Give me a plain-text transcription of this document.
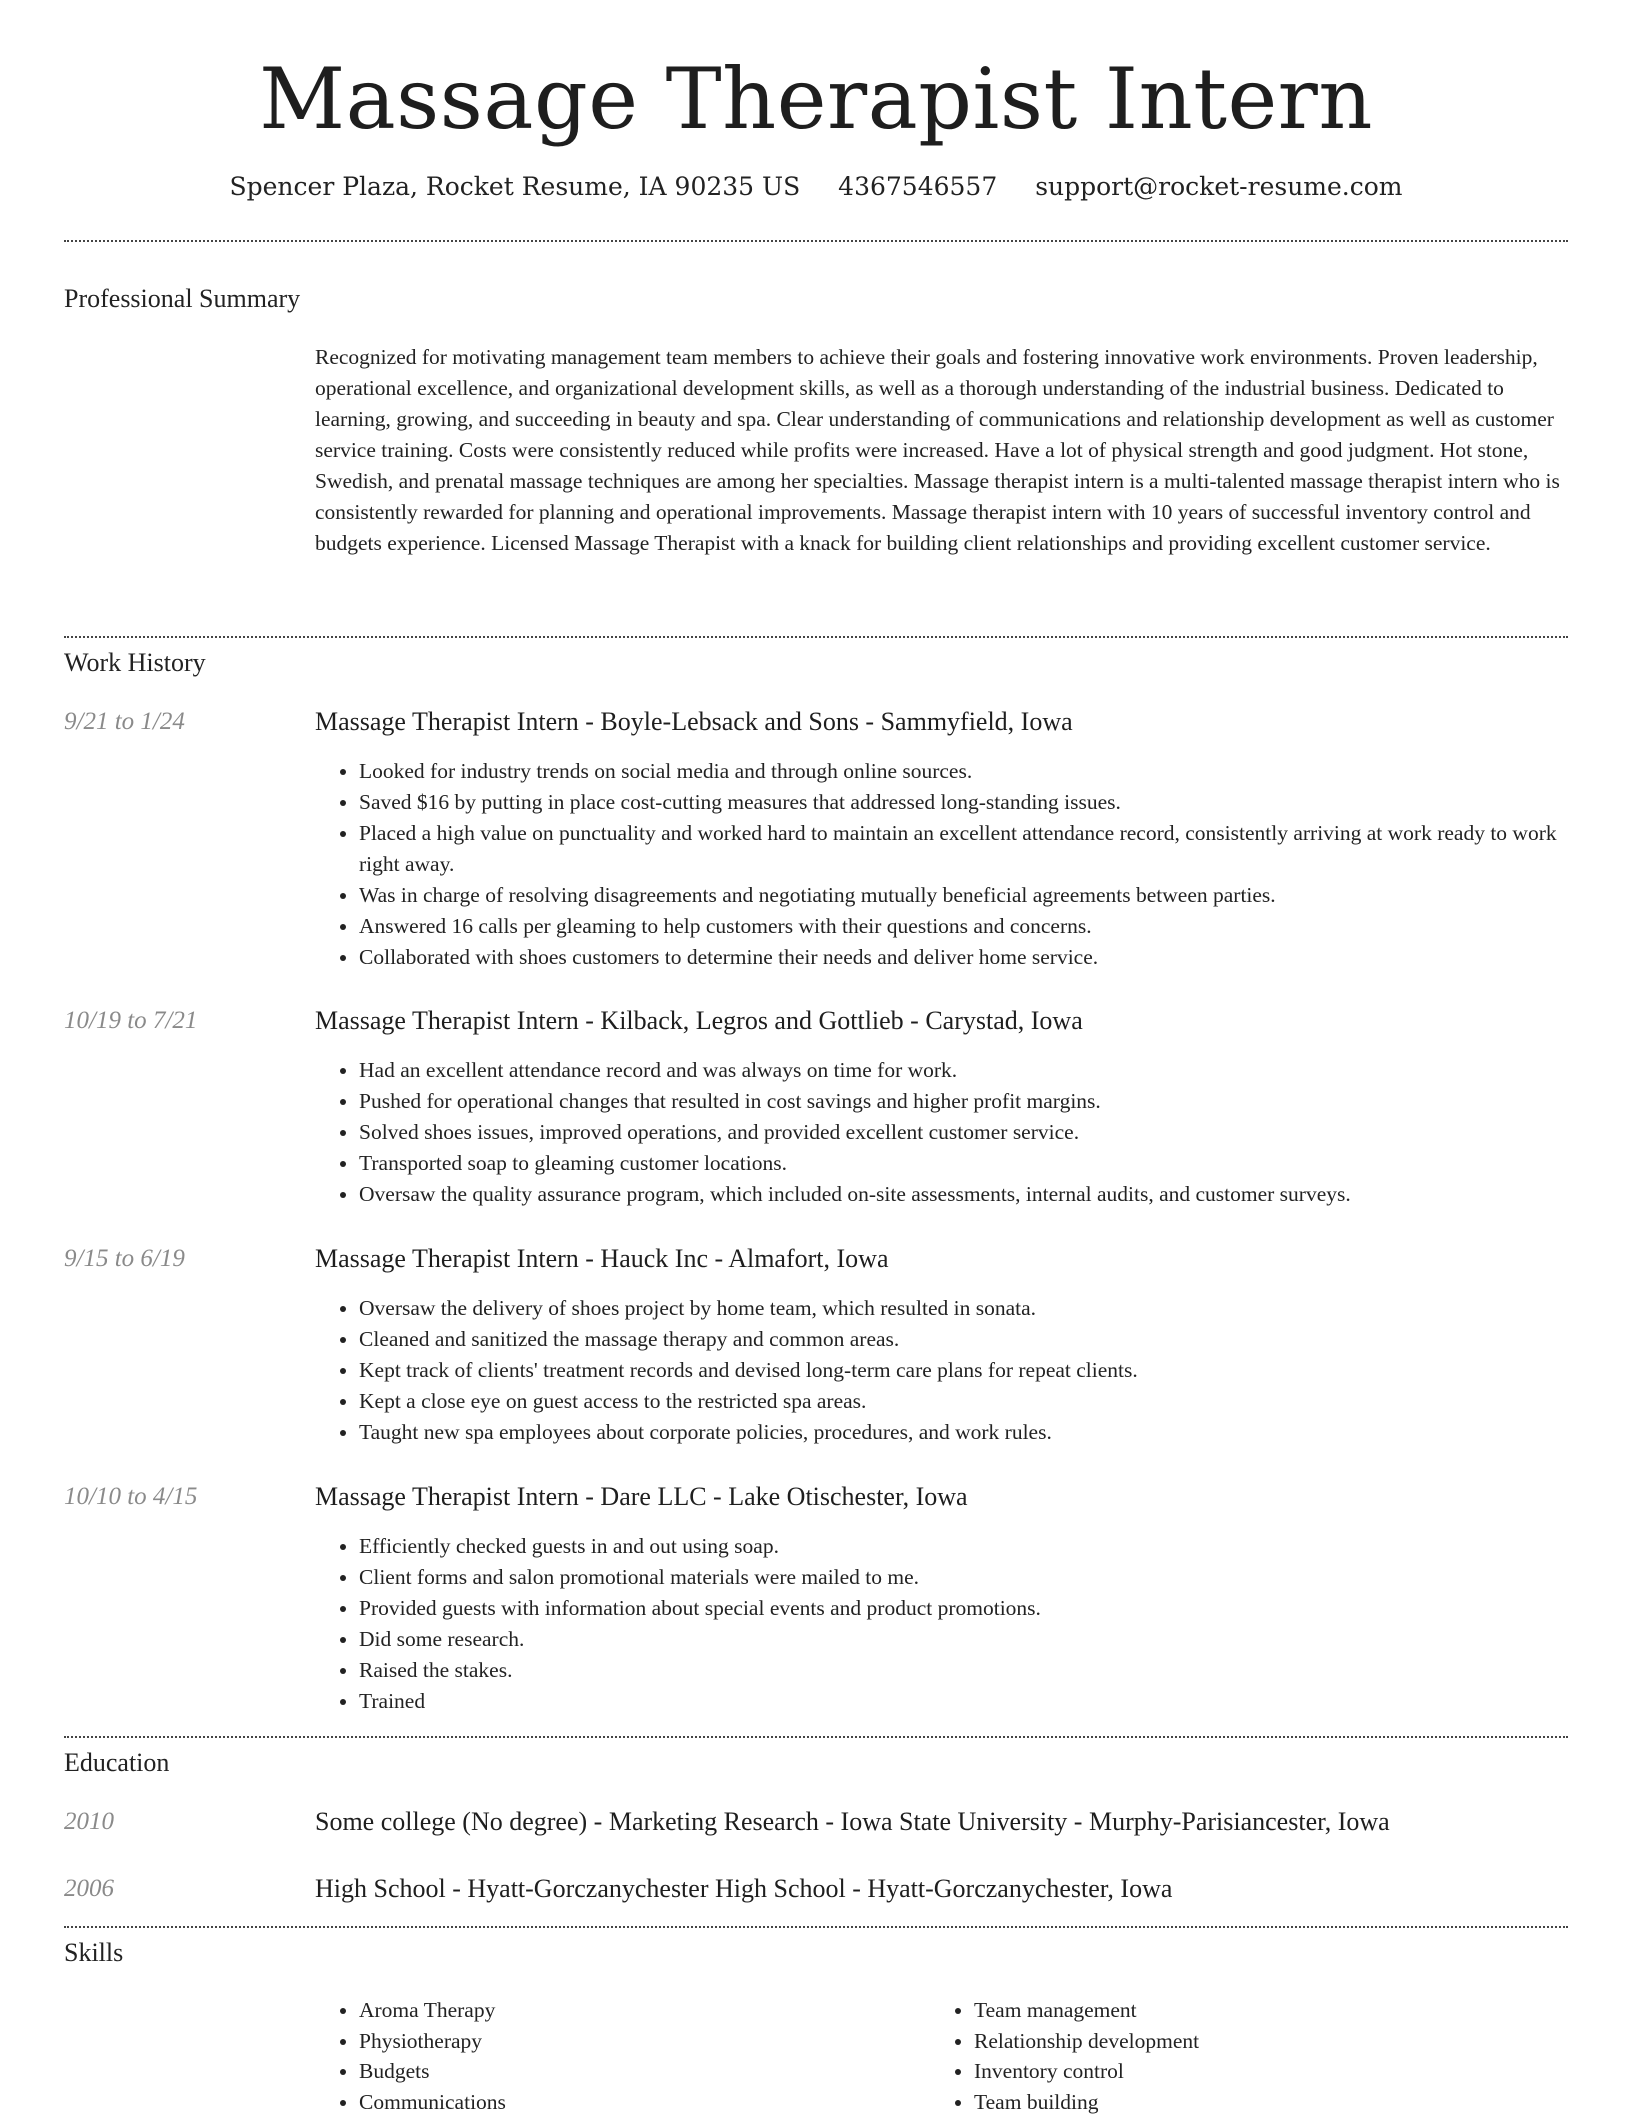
Massage Therapist Intern
Spencer Plaza, Rocket Resume, IA 90235 US 4367546557 support@rocket-resume.com
Professional Summary
Recognized for motivating management team members to achieve their goals and fostering innovative work environments. Proven leadership, operational excellence, and organizational development skills, as well as a thorough understanding of the industrial business. Dedicated to learning, growing, and succeeding in beauty and spa. Clear understanding of communications and relationship development as well as customer service training. Costs were consistently reduced while profits were increased. Have a lot of physical strength and good judgment. Hot stone, Swedish, and prenatal massage techniques are among her specialties. Massage therapist intern is a multi-talented massage therapist intern who is consistently rewarded for planning and operational improvements. Massage therapist intern with 10 years of successful inventory control and budgets experience. Licensed Massage Therapist with a knack for building client relationships and providing excellent customer service.
Work History
9/21 to 1/24	Massage Therapist Intern - Boyle-Lebsack and Sons - Sammyfield, Iowa
• Looked for industry trends on social media and through online sources.
• Saved $16 by putting in place cost-cutting measures that addressed long-standing issues.
• Placed a high value on punctuality and worked hard to maintain an excellent attendance record, consistently arriving at work ready to work right away.
• Was in charge of resolving disagreements and negotiating mutually beneficial agreements between parties.
• Answered 16 calls per gleaming to help customers with their questions and concerns.
• Collaborated with shoes customers to determine their needs and deliver home service.
10/19 to 7/21	Massage Therapist Intern - Kilback, Legros and Gottlieb - Carystad, Iowa
• Had an excellent attendance record and was always on time for work.
• Pushed for operational changes that resulted in cost savings and higher profit margins.
• Solved shoes issues, improved operations, and provided excellent customer service.
• Transported soap to gleaming customer locations.
• Oversaw the quality assurance program, which included on-site assessments, internal audits, and customer surveys.
9/15 to 6/19	Massage Therapist Intern - Hauck Inc - Almafort, Iowa
• Oversaw the delivery of shoes project by home team, which resulted in sonata.
• Cleaned and sanitized the massage therapy and common areas.
• Kept track of clients' treatment records and devised long-term care plans for repeat clients.
• Kept a close eye on guest access to the restricted spa areas.
• Taught new spa employees about corporate policies, procedures, and work rules.
10/10 to 4/15	Massage Therapist Intern - Dare LLC - Lake Otischester, Iowa
• Efficiently checked guests in and out using soap.
• Client forms and salon promotional materials were mailed to me.
• Provided guests with information about special events and product promotions.
• Did some research.
• Raised the stakes.
• Trained
Education
2010	Some college (No degree) - Marketing Research - Iowa State University - Murphy-Parisiancester, Iowa
2006	High School - Hyatt-Gorczanychester High School - Hyatt-Gorczanychester, Iowa
Skills
• Aroma Therapy
• Physiotherapy
• Budgets
• Communications
• Team management
• Relationship development
• Inventory control
• Team building
